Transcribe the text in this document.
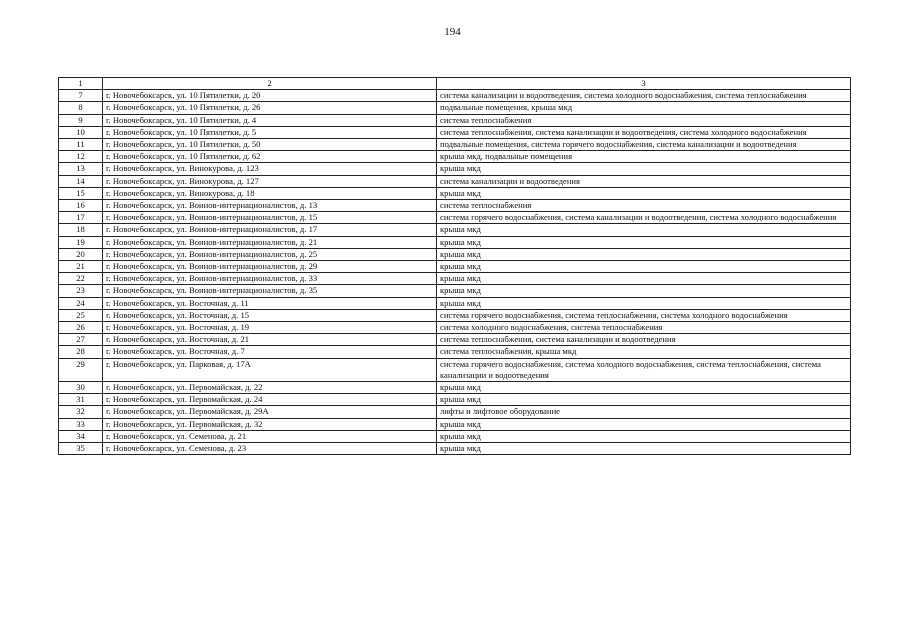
194
1	2	3
7	г. Новочебоксарск, ул. 10 Пятилетки, д. 20	система канализации и водоотведения, система холодного водоснабжения, система теплоснабжения
8	г. Новочебоксарск, ул. 10 Пятилетки, д. 26	подвальные помещения, крыша мкд
9	г. Новочебоксарск, ул. 10 Пятилетки, д. 4	система теплоснабжения
10	г. Новочебоксарск, ул. 10 Пятилетки, д. 5	система теплоснабжения, система канализации и водоотведения, система холодного водоснабжения
11	г. Новочебоксарск, ул. 10 Пятилетки, д. 50	подвальные помещения, система горячего водоснабжения, система канализации и водоотведения
12	г. Новочебоксарск, ул. 10 Пятилетки, д. 62	крыша мкд, подвальные помещения
13	г. Новочебоксарск, ул. Винокурова, д. 123	крыша мкд
14	г. Новочебоксарск, ул. Винокурова, д. 127	система канализации и водоотведения
15	г. Новочебоксарск, ул. Винокурова, д. 18	крыша мкд
16	г. Новочебоксарск, ул. Воинов-интернационалистов, д. 13	система теплоснабжения
17	г. Новочебоксарск, ул. Воинов-интернационалистов, д. 15	система горячего водоснабжения, система канализации и водоотведения, система холодного водоснабжения
18	г. Новочебоксарск, ул. Воинов-интернационалистов, д. 17	крыша мкд
19	г. Новочебоксарск, ул. Воинов-интернационалистов, д. 21	крыша мкд
20	г. Новочебоксарск, ул. Воинов-интернационалистов, д. 25	крыша мкд
21	г. Новочебоксарск, ул. Воинов-интернационалистов, д. 29	крыша мкд
22	г. Новочебоксарск, ул. Воинов-интернационалистов, д. 33	крыша мкд
23	г. Новочебоксарск, ул. Воинов-интернационалистов, д. 35	крыша мкд
24	г. Новочебоксарск, ул. Восточная, д. 11	крыша мкд
25	г. Новочебоксарск, ул. Восточная, д. 15	система горячего водоснабжения, система теплоснабжения, система холодного водоснабжения
26	г. Новочебоксарск, ул. Восточная, д. 19	система холодного водоснабжения, система теплоснабжения
27	г. Новочебоксарск, ул. Восточная, д. 21	система теплоснабжения, система канализации и водоотведения
28	г. Новочебоксарск, ул. Восточная, д. 7	система теплоснабжения, крыша мкд
29	г. Новочебоксарск, ул. Парковая, д. 17А	система горячего водоснабжения, система холодного водоснабжения, система теплоснабжения, система канализации и водоотведения
30	г. Новочебоксарск, ул. Первомайская, д. 22	крыша мкд
31	г. Новочебоксарск, ул. Первомайская, д. 24	крыша мкд
32	г. Новочебоксарск, ул. Первомайская, д. 29А	лифты и лифтовое оборудование
33	г. Новочебоксарск, ул. Первомайская, д. 32	крыша мкд
34	г. Новочебоксарск, ул. Семенова, д. 21	крыша мкд
35	г. Новочебоксарск, ул. Семенова, д. 23	крыша мкд
